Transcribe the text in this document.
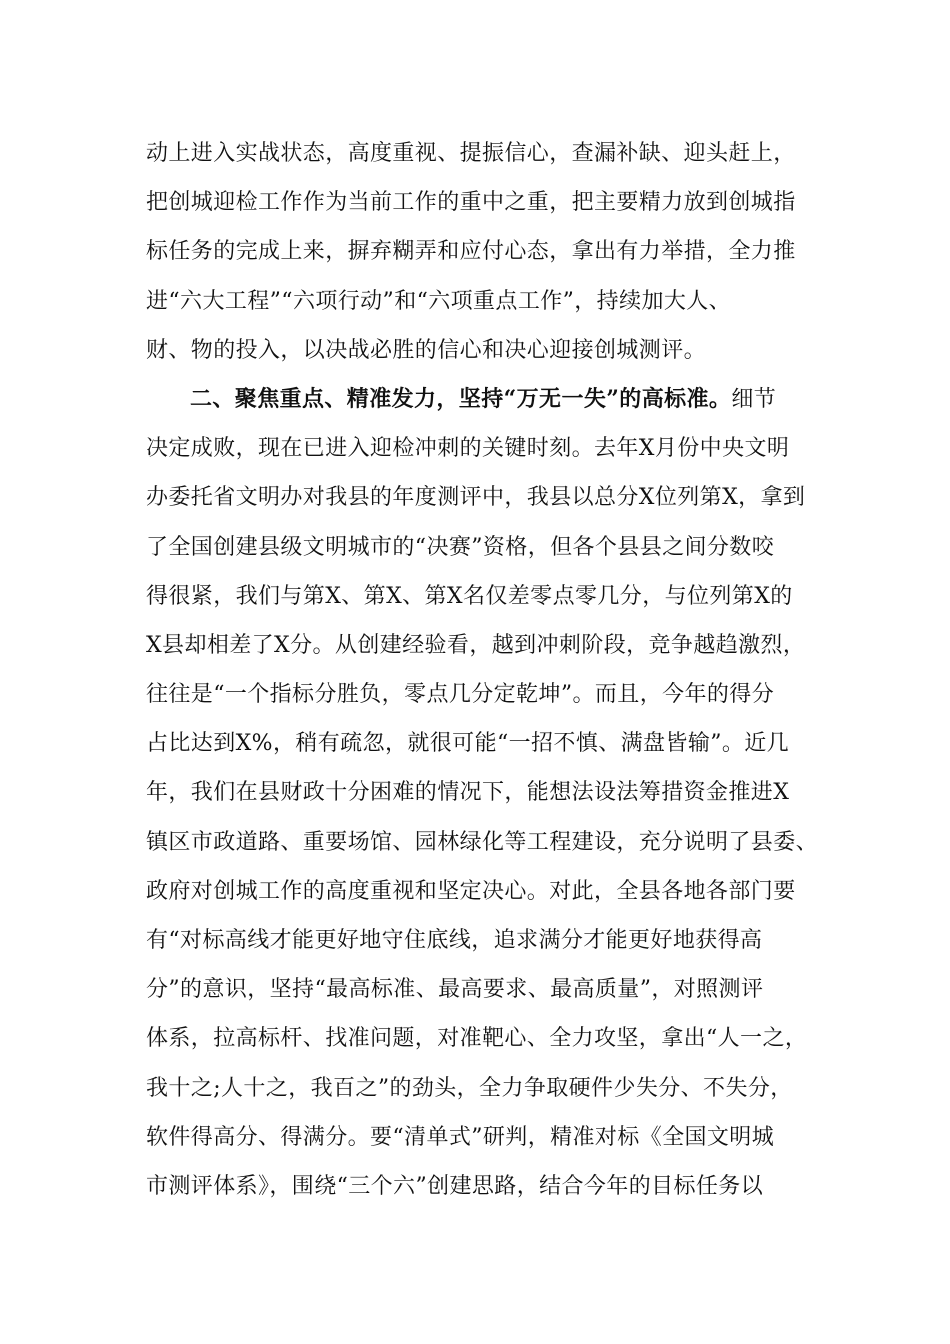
动上进入实战状态，高度重视、提振信心，查漏补缺、迎头赶上，
把创城迎检工作作为当前工作的重中之重，把主要精力放到创城指
标任务的完成上来，摒弃糊弄和应付心态，拿出有力举措，全力推
进“六大工程”“六项行动”和“六项重点工作”，持续加大人、
财、物的投入，以决战必胜的信心和决心迎接创城测评。
二、聚焦重点、精准发力，坚持“万无一失”的高标准。细节
决定成败，现在已进入迎检冲刺的关键时刻。去年X月份中央文明
办委托省文明办对我县的年度测评中，我县以总分X位列第X，拿到
了全国创建县级文明城市的“决赛”资格，但各个县县之间分数咬
得很紧，我们与第X、第X、第X名仅差零点零几分，与位列第X的
X县却相差了X分。从创建经验看，越到冲刺阶段，竞争越趋激烈，
往往是“一个指标分胜负，零点几分定乾坤”。而且，今年的得分
占比达到X%，稍有疏忽，就很可能“一招不慎、满盘皆输”。近几
年，我们在县财政十分困难的情况下，能想法设法筹措资金推进X
镇区市政道路、重要场馆、园林绿化等工程建设，充分说明了县委、
政府对创城工作的高度重视和坚定决心。对此，全县各地各部门要
有“对标高线才能更好地守住底线，追求满分才能更好地获得高
分”的意识，坚持“最高标准、最高要求、最高质量”，对照测评
体系，拉高标杆、找准问题，对准靶心、全力攻坚，拿出“人一之，
我十之;人十之，我百之”的劲头，全力争取硬件少失分、不失分，
软件得高分、得满分。要“清单式”研判，精准对标《全国文明城
市测评体系》，围绕“三个六”创建思路，结合今年的目标任务以
